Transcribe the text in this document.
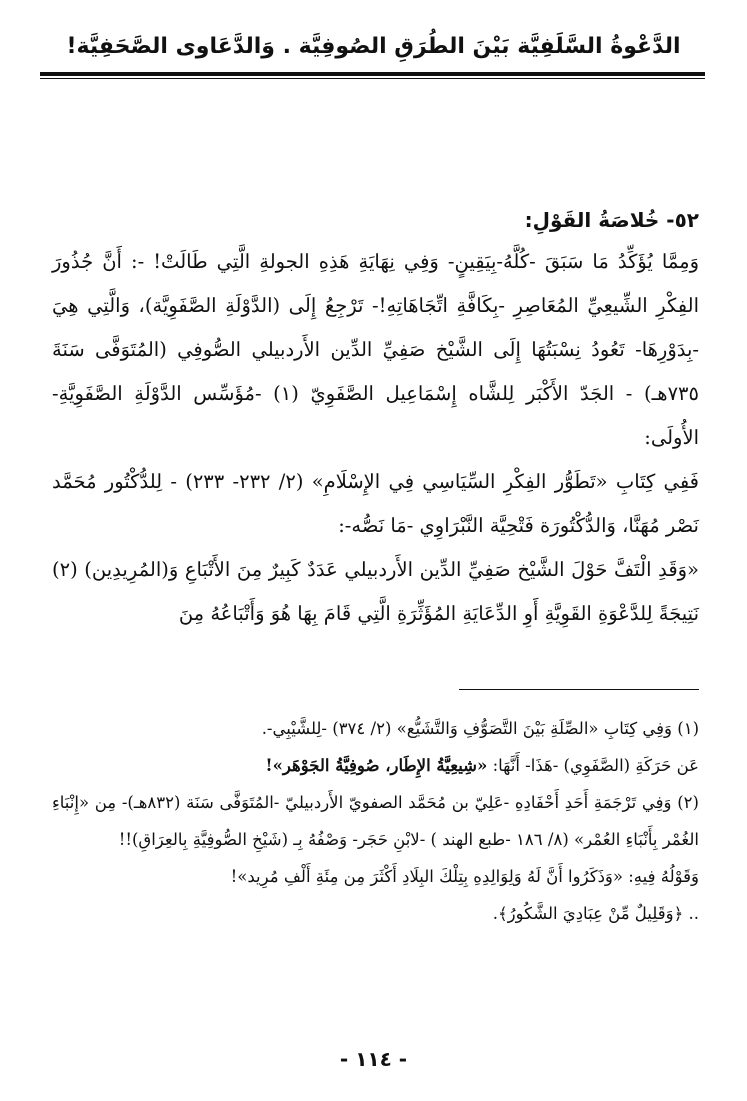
الدَّعْوةُ السَّلَفِيَّة بَيْنَ الطُرَقِ الصُوفِيَّة . وَالدَّعَاوى الصَّحَفِيَّة!

٥٢- خُلاصَةُ القَوْلِ:

وَمِمَّا يُؤَكِّدُ مَا سَبَقَ -كُلَّهُ-بِيَقِينٍ- وَفِي نِهَايَةِ هَذِهِ الجولةِ الَّتِي طَالَتْ! -: أَنَّ جُذُورَ الفِكْرِ الشِّيعِيِّ المُعَاصِرِ -بِكَافَّةِ اتِّجَاهَاتِهِ!- تَرْجِعُ إِلَى (الدَّوْلَةِ الصَّفَوِيَّة)، وَالَّتِي هِيَ -بِدَوْرِهَا- تَعُودُ نِسْبَتُهَا إِلَى الشَّيْخ صَفِيِّ الدِّين الأَردبيلي الصُّوفِي (المُتَوَفَّى سَنَةَ ٧٣٥هـ) - الجَدّ الأَكْبَر لِلشَّاه إِسْمَاعِيل الصَّفَوِيّ (١) -مُؤَسِّس الدَّوْلَةِ الصَّفَوِيَّةِ-الأُولَى:

فَفِي كِتَابِ «تَطَوُّر الفِكْرِ السِّيَاسِي فِي الإِسْلَامِ» (٢/ ٢٣٢- ٢٣٣) - لِلدُّكْتُور مُحَمَّد نَصْر مُهَنَّا، وَالدُّكْتُورَة فَتْحِيَّة النَّبْرَاوِي -مَا نَصُّه-:

«وَقَدِ الْتَفَّ حَوْلَ الشَّيْخ صَفِيِّ الدِّين الأَردبيلي عَدَدٌ كَبِيرٌ مِنَ الأَتْبَاعِ وَ(المُرِيدِين) (٢) نَتِيجَةً لِلدَّعْوَةِ القَوِيَّةِ أَوِ الدِّعَايَةِ المُؤَثِّرَةِ الَّتِي قَامَ بِهَا هُوَ وَأَتْبَاعُهُ مِنَ

(١) وَفِي كِتَابِ «الصِّلَةِ بَيْنَ التَّصَوُّفِ وَالتَّشَيُّع» (٢/ ٣٧٤) -لِلشَّيْبِي-.

عَن حَرَكَةِ (الصَّفَوِي) -هَذَا- أَنَّهَا: «شِيعِيَّةُ الإِطَار، صُوفِيَّةُ الجَوْهَر»!

(٢) وَفِي تَرْجَمَةِ أَحَدِ أَحْفَادِهِ -عَلِيّ بن مُحَمَّد الصفويّ الأَردبيليّ -المُتَوَفَّى سَنَة (٨٣٢هـ)- مِن «إِنْبَاءِ الغُمْر بِأَنْبَاءِ العُمْر» (٨/ ١٨٦ -طبع الهند ) -لابْنِ حَجَر- وَصْفُهُ بِـ (شَيْخِ الصُّوفِيَّةِ بِالعِرَاقِ)!!

وَقَوْلُهُ فِيهِ: «وَذَكَرُوا أَنَّ لَهُ وَلِوَالِدِهِ بِتِلْكَ البِلَادِ أَكْثَرَ مِن مِئَةِ أَلْفِ مُرِيد»!

.. ﴿وَقَلِيلٌ مِّنْ عِبَادِيَ الشَّكُورُ﴾.

- ١١٤ -
